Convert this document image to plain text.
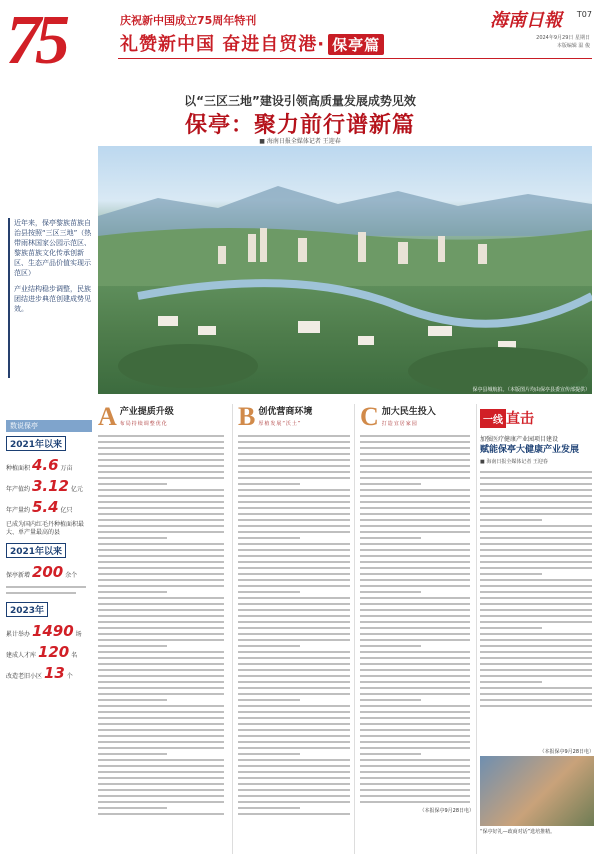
75	庆祝新中国成立75周年特刊
礼赞新中国 奋进自贸港· 保亭篇
海南日報 T07
2024年9月29日 星期日
本版编辑 温 俊
以“三区三地”建设引领高质量发展成势见效
保亭：聚力前行谱新篇
■ 海南日报全媒体记者 王迎春
保亭县城航拍。（本版图片均由保亭县委宣传部提供）
近年来，保亭黎族苗族自治县按照“三区三地”（热带雨林国家公园示范区、黎族苗族文化传承创新区、生态产品价值实现示范区）
产业结构稳步调整，民族团结进步典范创建成势见效。
数说保亭
2021年以来
种植面积 4.6 万亩
年产值约 3.12 亿元
年产量约 5.4 亿只
已成为国内红毛丹种植面积最大、单产量最高的县
2021年以来
保亭新增 200 余个
2023年
累计举办 1490 场
建成人才库 120 名
改造老旧小区 13 个
A 产业提质升级
布局持续调整优化	B 创优营商环境
厚植发展“沃土”	C 加大民生投入
打造宜居家园
（本报保亭9月28日电）
一线 直击
加强医疗健康产业园项目建设
赋能保亭大健康产业发展
■ 海南日报全媒体记者 王迎春
（本报保亭9月28日电）
“保亭好礼—政商对话”选培推精。
